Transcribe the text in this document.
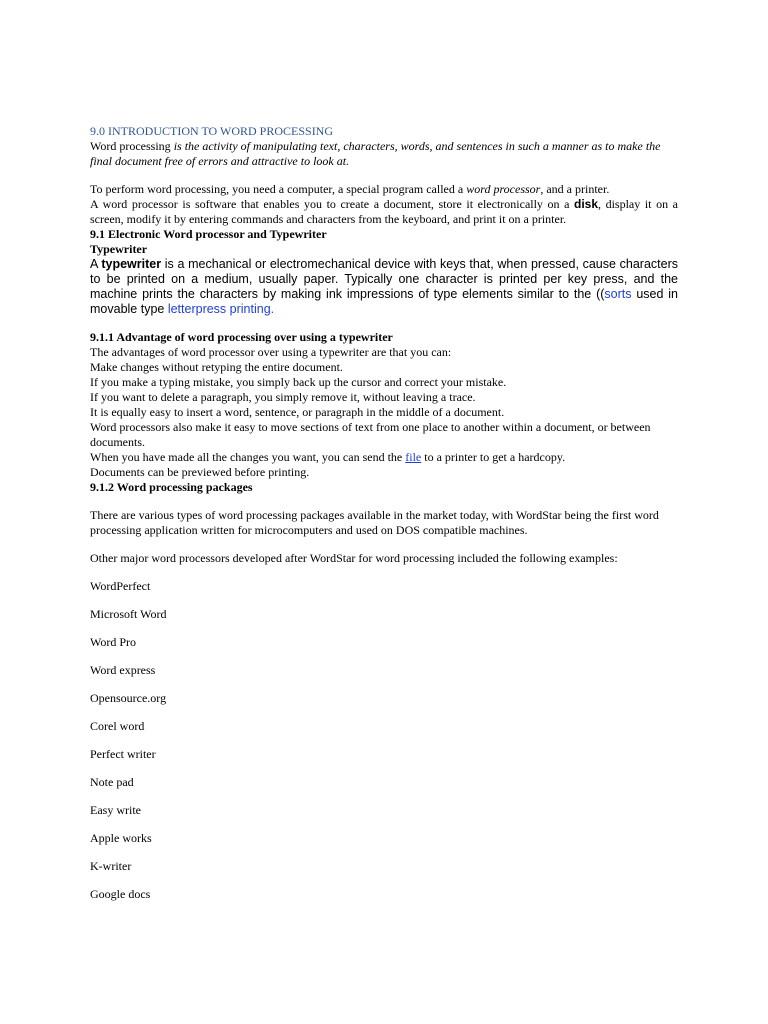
9.0 INTRODUCTION TO WORD PROCESSING

Word processing is the activity of manipulating text, characters, words, and sentences in such a manner as to make the final document free of errors and attractive to look at.

To perform word processing, you need a computer, a special program called a word processor, and a printer.

A word processor is software that enables you to create a document, store it electronically on a disk, display it on a screen, modify it by entering commands and characters from the keyboard, and print it on a printer.

9.1 Electronic Word processor and Typewriter

Typewriter

A typewriter is a mechanical or electromechanical device with keys that, when pressed, cause characters to be printed on a medium, usually paper. Typically one character is printed per key press, and the machine prints the characters by making ink impressions of type elements similar to the ((sorts used in movable type letterpress printing.

9.1.1 Advantage of word processing over using a typewriter

The advantages of word processor over using a typewriter are that you can:

Make changes without retyping the entire document.

If you make a typing mistake, you simply back up the cursor and correct your mistake.

If you want to delete a paragraph, you simply remove it, without leaving a trace.

It is equally easy to insert a word, sentence, or paragraph in the middle of a document.

Word processors also make it easy to move sections of text from one place to another within a document, or between documents.

When you have made all the changes you want, you can send the file to a printer to get a hardcopy.

Documents can be previewed before printing.

9.1.2 Word processing packages

There are various types of word processing packages available in the market today, with WordStar being the first word processing application written for microcomputers and used on DOS compatible machines.

Other major word processors developed after WordStar for word processing included the following examples:

WordPerfect

Microsoft Word

Word Pro

Word express

Opensource.org

Corel word

Perfect writer

Note pad

Easy write

Apple works

K-writer

Google docs
